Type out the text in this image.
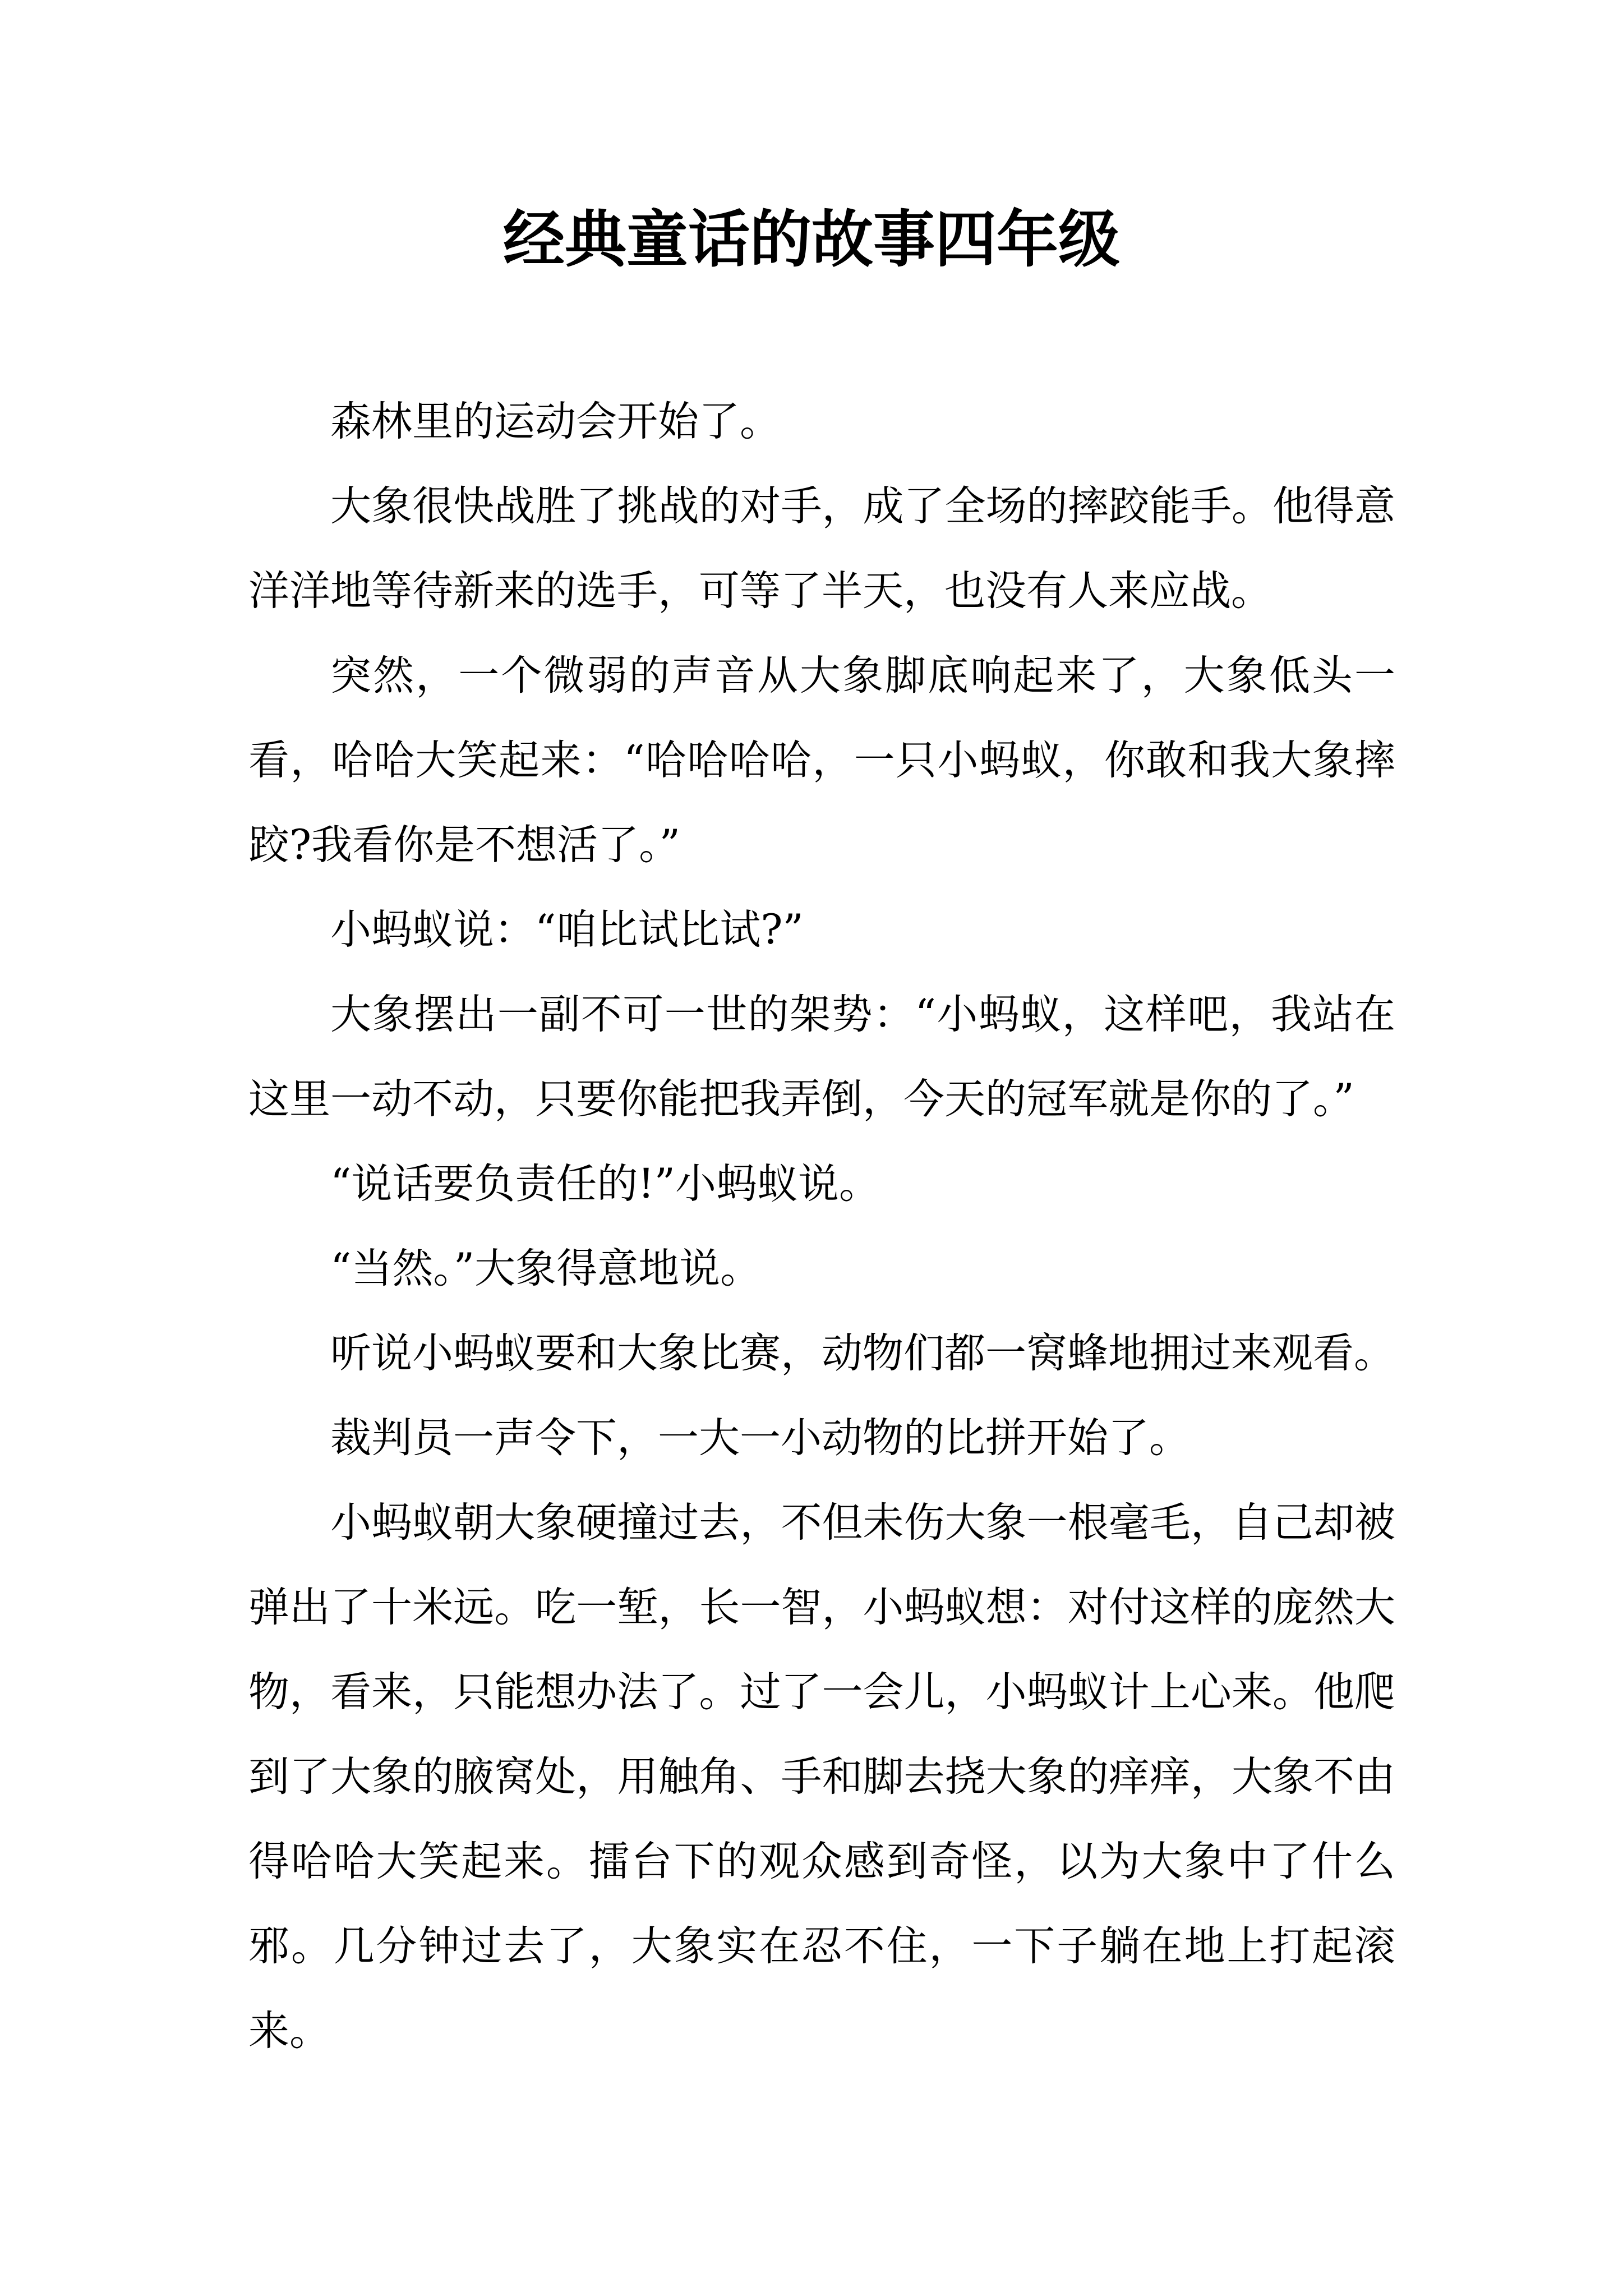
经典童话的故事四年级

森林里的运动会开始了。

大象很快战胜了挑战的对手，成了全场的摔跤能手。他得意洋洋地等待新来的选手，可等了半天，也没有人来应战。

突然，一个微弱的声音从大象脚底响起来了，大象低头一看，哈哈大笑起来：“哈哈哈哈，一只小蚂蚁，你敢和我大象摔跤?我看你是不想活了。”

小蚂蚁说：“咱比试比试?”

大象摆出一副不可一世的架势：“小蚂蚁，这样吧，我站在这里一动不动，只要你能把我弄倒，今天的冠军就是你的了。”

“说话要负责任的!”小蚂蚁说。

“当然。”大象得意地说。

听说小蚂蚁要和大象比赛，动物们都一窝蜂地拥过来观看。

裁判员一声令下，一大一小动物的比拼开始了。

小蚂蚁朝大象硬撞过去，不但未伤大象一根毫毛，自己却被弹出了十米远。吃一堑，长一智，小蚂蚁想：对付这样的庞然大物，看来，只能想办法了。过了一会儿，小蚂蚁计上心来。他爬到了大象的腋窝处，用触角、手和脚去挠大象的痒痒，大象不由得哈哈大笑起来。擂台下的观众感到奇怪，以为大象中了什么邪。几分钟过去了，大象实在忍不住，一下子躺在地上打起滚来。
